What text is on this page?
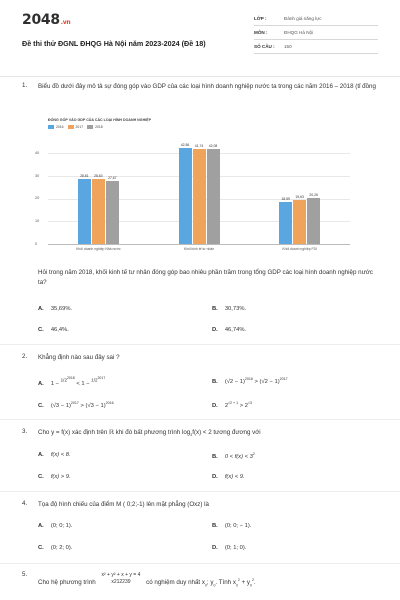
2048.vn
Đề thi thử ĐGNL ĐHQG Hà Nội năm 2023-2024 (Đề 18)
LỚP :	Đánh giá năng lực
MÔN :	ĐHQG Hà Nội
SỐ CÂU :	150
1. Biểu đồ dưới đây mô tả sự đóng góp vào GDP của các loại hình doanh nghiệp nước ta trong các năm 2016 – 2018 (tỉ đồng
ĐÓNG GÓP VÀO GDP CỦA CÁC LOẠI HÌNH DOANH NGHIỆP
2016	2017	2018
40
30
20
10
0
28,81	28,63
27,67
Khối doanh nghiệp Nhà nước
42,56	41,74	42,08
Khối kinh tế tư nhân
18,59
19,63	20,26
Khối doanh nghiệp FDI
Hỏi trong năm 2018, khối kinh tế tư nhân đóng góp bao nhiêu phần trăm trong tổng GDP các loại hình doanh nghiệp nước ta?
A. 35,69%.	B. 30,73%.
C. 46,4%.	D. 46,74%.
2. Khẳng định nào sau đây sai ?
A. $1 - 1/2^{2018} < 1 - 1/2^{2017}$
B. $(√2 - 1)^{2016} > (√2 - 1)^{2017}$
C. $(√3 - 1)^{2017} > (√3 - 1)^{2016}$	D. $2^{√2 + 1} > 2^{√3}$
3. Cho y = f(x) xác định trên ℝ khi đó bất phương trình $\log_3f(x) < 2$ tương đương với
A. f(x) < 8.	B. $0 < f(x) < 3^2$
C. f(x) > 9.	D. f(x) < 9.
4. Tọa độ hình chiếu của điểm M ( 0;2;-1) lên mặt phẳng (Oxz) là
A. (0; 0; 1).	B. (0; 0; − 1).
C. (0; 2; 0).	D. (0; 1; 0).
5.
Cho hệ phương trình
x² + y² + x + y = 4
x212239	có nghiệm duy nhất $x_0$; $y_0$. Tính $x_0^2 + y_0^2$.
